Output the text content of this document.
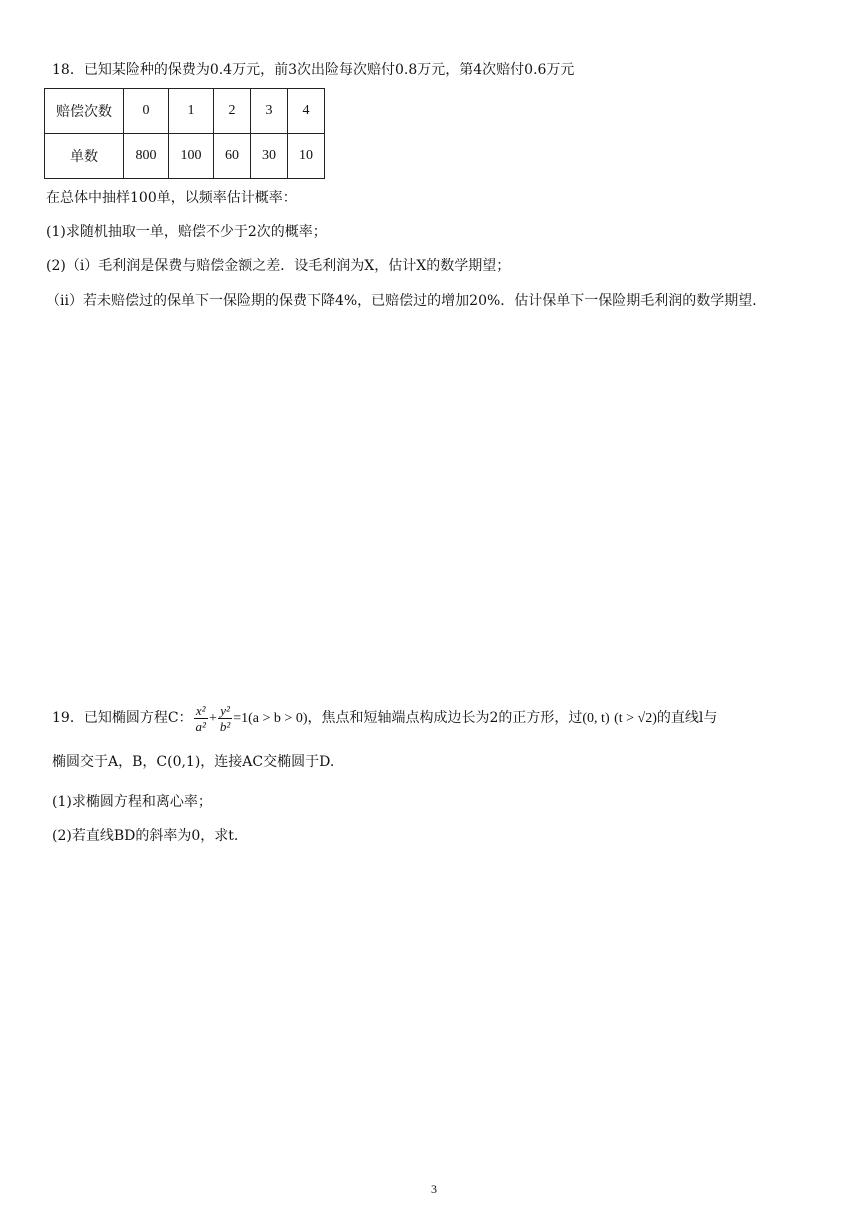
18．已知某险种的保费为0.4万元，前3次出险每次赔付0.8万元，第4次赔付0.6万元
赔偿次数	0	1	2	3	4
单数	800	100	60	30	10
在总体中抽样100单，以频率估计概率：
(1)求随机抽取一单，赔偿不少于2次的概率；
(2)（i）毛利润是保费与赔偿金额之差．设毛利润为X，估计X的数学期望；
（ii）若未赔偿过的保单下一保险期的保费下降4%，已赔偿过的增加20%．估计保单下一保险期毛利润的数学期望．
19．已知椭圆方程C： $\frac{\text{x²}}{\text{a²}} + \frac{\text{y²}}{\text{b²}} =1(a > b > 0)$，焦点和短轴端点构成边长为2的正方形，过(0, t) (t > √2)的直线l与
椭圆交于A，B，C(0,1)，连接AC交椭圆于D.
(1)求椭圆方程和离心率；
(2)若直线BD的斜率为0，求t.
3
